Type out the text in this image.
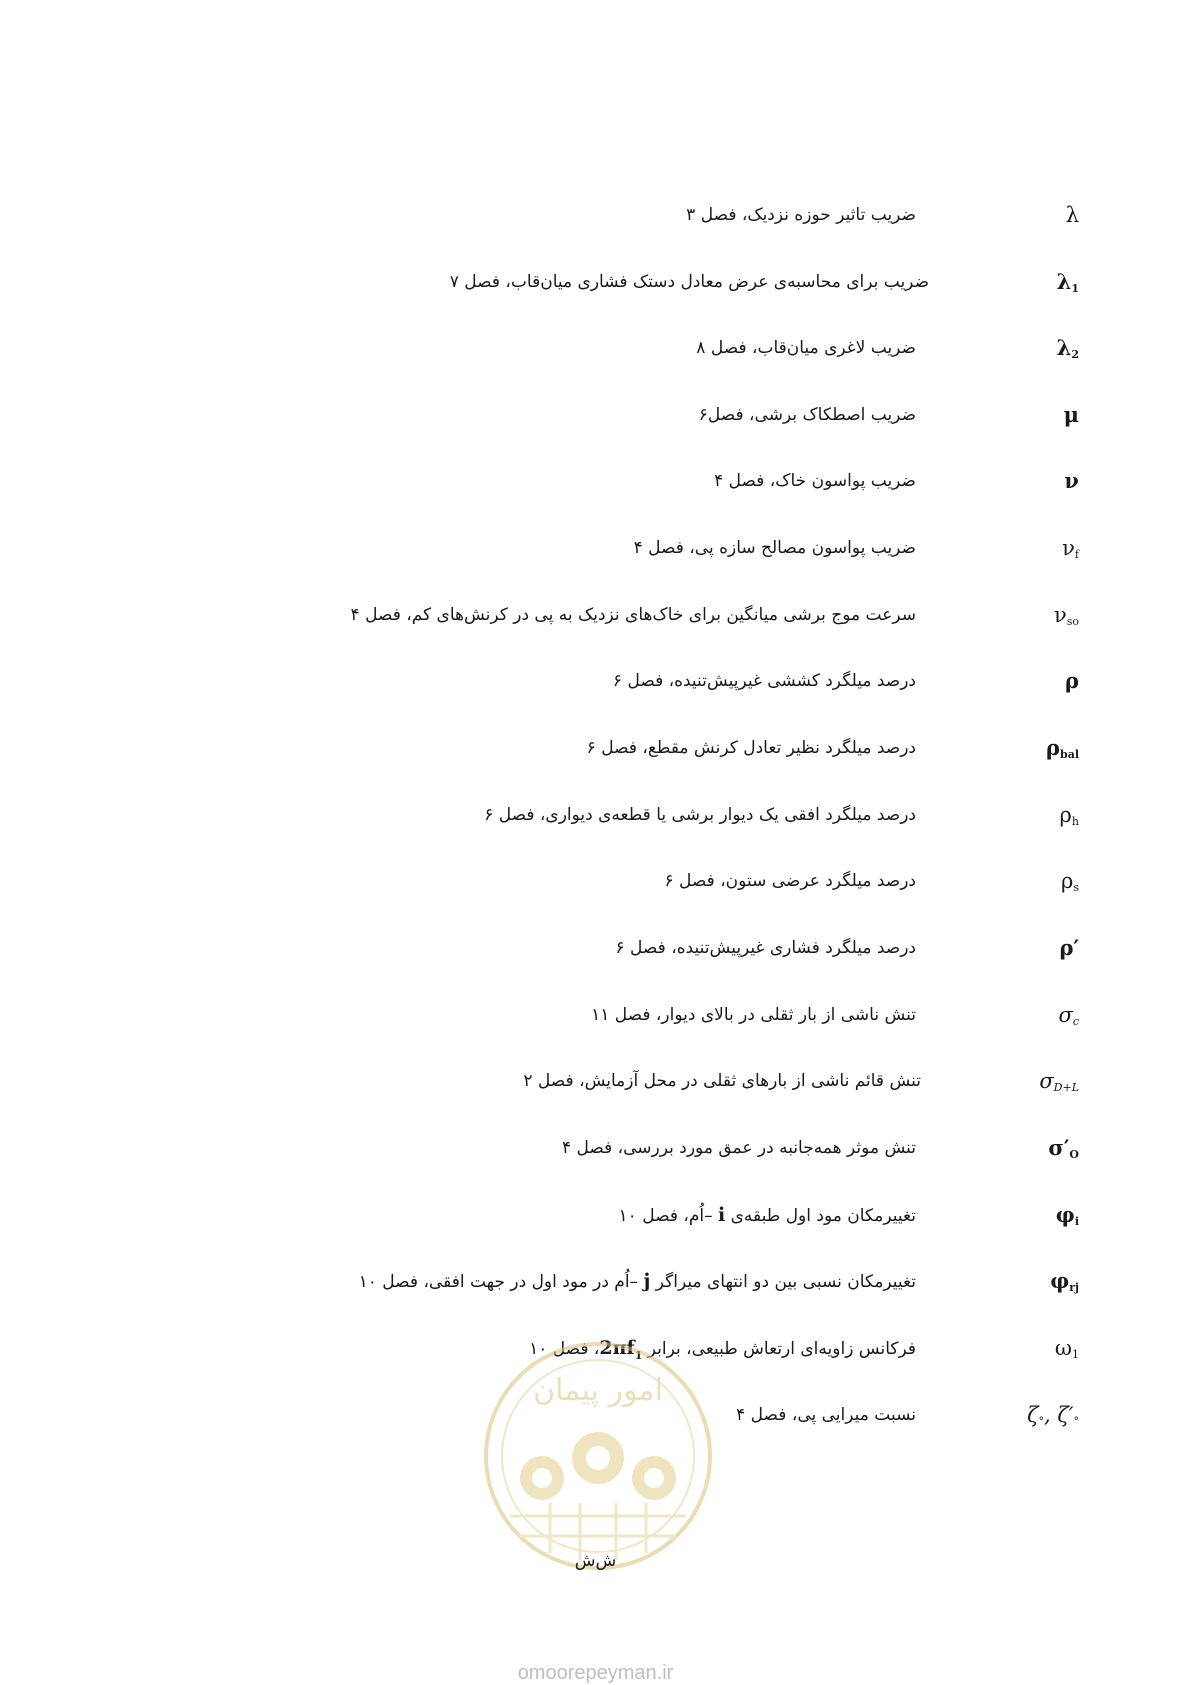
ضریب تاثیر حوزه نزدیک، فصل ۳	λ
ضریب برای محاسبه‌ی عرض معادل دستک فشاری میان‌قاب، فصل ۷	$\lambda_1$
ضریب لاغری میان‌قاب، فصل ۸	$\lambda_2$
ضریب اصطکاک برشی، فصل۶	μ
ضریب پواسون خاک، فصل ۴	ν
ضریب پواسون مصالح سازه پی، فصل ۴	$\nu_f$
سرعت موج برشی میانگین برای خاک‌های نزدیک به پی در کرنش‌های کم، فصل ۴	$\nu_{so}$
درصد میلگرد کششی غیرپیش‌تنیده، فصل ۶	ρ
درصد میلگرد نظیر تعادل کرنش مقطع، فصل ۶	$\rho_{bal}$
درصد میلگرد افقی یک دیوار برشی یا قطعه‌ی دیواری، فصل ۶	$\rho_h$
درصد میلگرد عرضی ستون، فصل ۶	$\rho_s$
درصد میلگرد فشاری غیرپیش‌تنیده، فصل ۶	ρ′
تنش ناشی از بار ثقلی در بالای دیوار، فصل ۱۱	$\sigma_c$
تنش قائم ناشی از بارهای ثقلی در محل آزمایش، فصل ۲	$\sigma_{D+L}$
تنش موثر همه‌جانبه در عمق مورد بررسی، فصل ۴	$\sigma'_O$
تغییرمکان مود اول طبقه‌ی i –اُم، فصل ۱۰	$\varphi_i$
تغییرمکان نسبی بین دو انتهای میراگر j –اُم در مود اول در جهت افقی، فصل ۱۰	$\varphi_{rj}$
فرکانس زاویه‌ای ارتعاش طبیعی، برابر $2\pi f_1،$ فصل ۱۰	$\omega_1$
نسبت میرایی پی، فصل ۴	$\zeta^\circ$, $\zeta'^\circ$
امور پیمان
ش‌ش
omoorepeyman.ir
